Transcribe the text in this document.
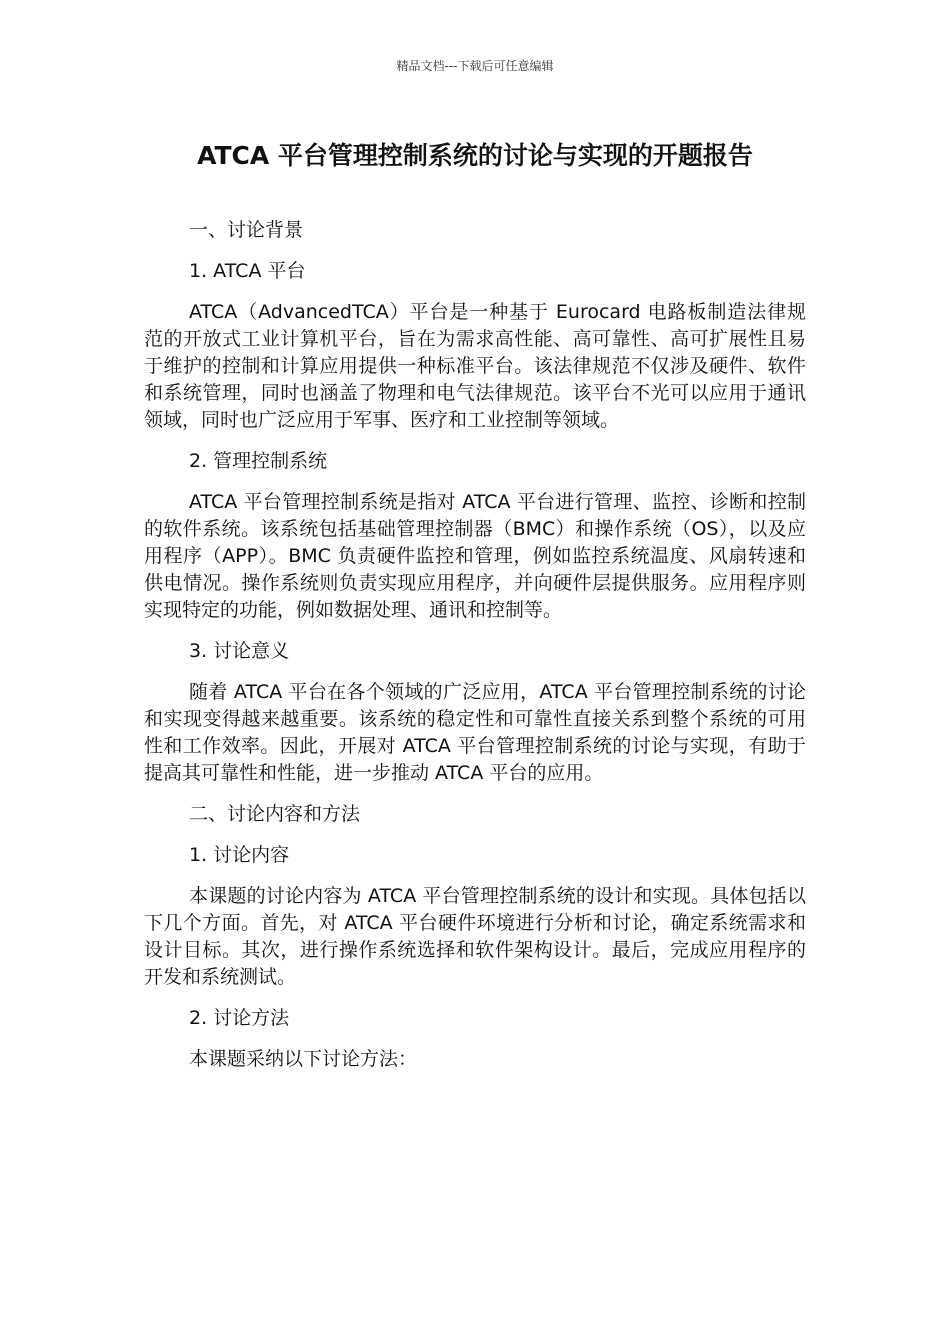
精品文档---下载后可任意编辑
ATCA 平台管理控制系统的讨论与实现的开题报告

一、讨论背景

1. ATCA 平台

ATCA（AdvancedTCA）平台是一种基于 Eurocard 电路板制造法律规范的开放式工业计算机平台，旨在为需求高性能、高可靠性、高可扩展性且易于维护的控制和计算应用提供一种标准平台。该法律规范不仅涉及硬件、软件和系统管理，同时也涵盖了物理和电气法律规范。该平台不光可以应用于通讯领域，同时也广泛应用于军事、医疗和工业控制等领域。

2. 管理控制系统

ATCA 平台管理控制系统是指对 ATCA 平台进行管理、监控、诊断和控制的软件系统。该系统包括基础管理控制器（BMC）和操作系统（OS），以及应用程序（APP）。BMC 负责硬件监控和管理，例如监控系统温度、风扇转速和供电情况。操作系统则负责实现应用程序，并向硬件层提供服务。应用程序则实现特定的功能，例如数据处理、通讯和控制等。

3. 讨论意义

随着 ATCA 平台在各个领域的广泛应用，ATCA 平台管理控制系统的讨论和实现变得越来越重要。该系统的稳定性和可靠性直接关系到整个系统的可用性和工作效率。因此，开展对 ATCA 平台管理控制系统的讨论与实现，有助于提高其可靠性和性能，进一步推动 ATCA 平台的应用。

二、讨论内容和方法

1. 讨论内容

本课题的讨论内容为 ATCA 平台管理控制系统的设计和实现。具体包括以下几个方面。首先，对 ATCA 平台硬件环境进行分析和讨论，确定系统需求和设计目标。其次，进行操作系统选择和软件架构设计。最后，完成应用程序的开发和系统测试。

2. 讨论方法

本课题采纳以下讨论方法：
